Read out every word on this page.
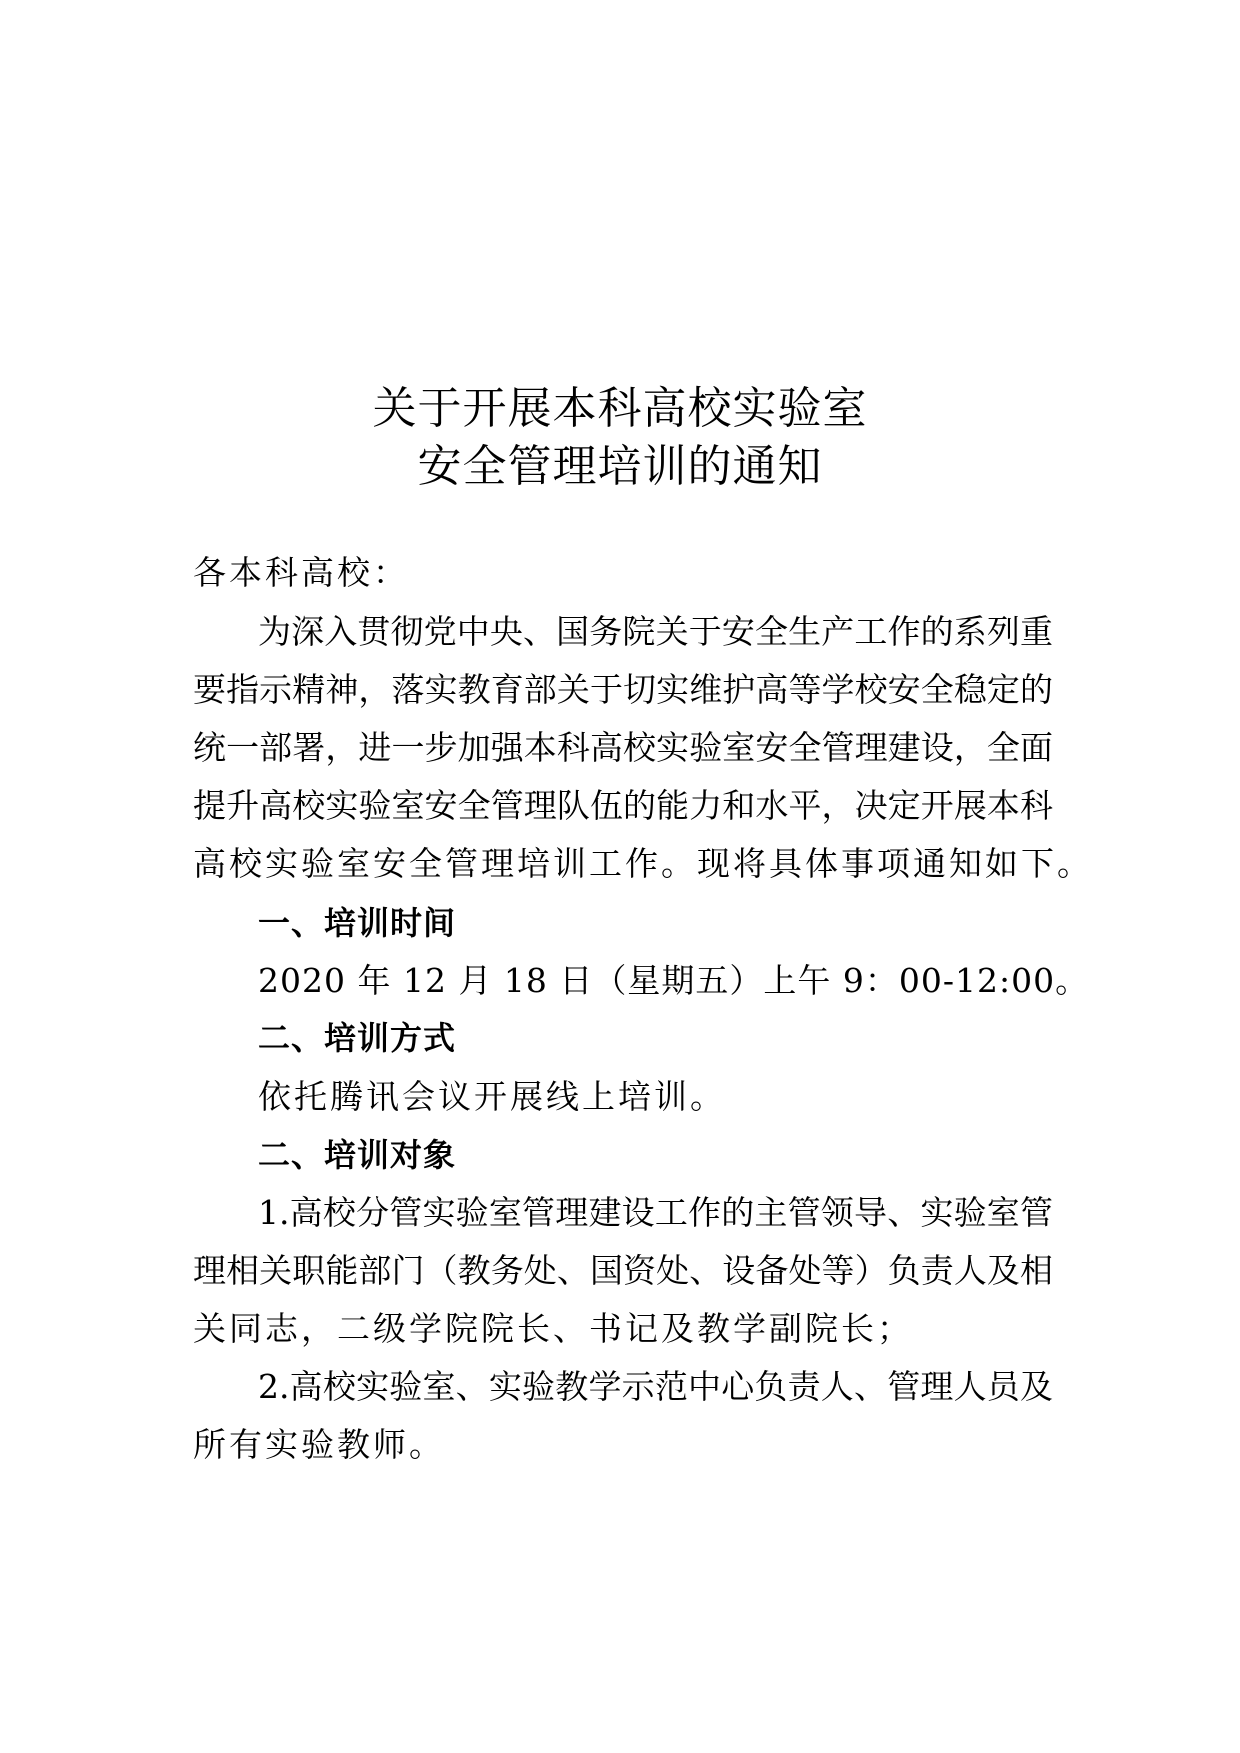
关于开展本科高校实验室
安全管理培训的通知
各本科高校：
为深入贯彻党中央、国务院关于安全生产工作的系列重
要指示精神，落实教育部关于切实维护高等学校安全稳定的
统一部署，进一步加强本科高校实验室安全管理建设，全面
提升高校实验室安全管理队伍的能力和水平，决定开展本科
高校实验室安全管理培训工作。现将具体事项通知如下。
一、培训时间
2020 年 12 月 18 日（星期五）上午 9：00-12:00。
二、培训方式
依托腾讯会议开展线上培训。
二、培训对象
1.高校分管实验室管理建设工作的主管领导、实验室管
理相关职能部门（教务处、国资处、设备处等）负责人及相
关同志，二级学院院长、书记及教学副院长；
2.高校实验室、实验教学示范中心负责人、管理人员及
所有实验教师。
